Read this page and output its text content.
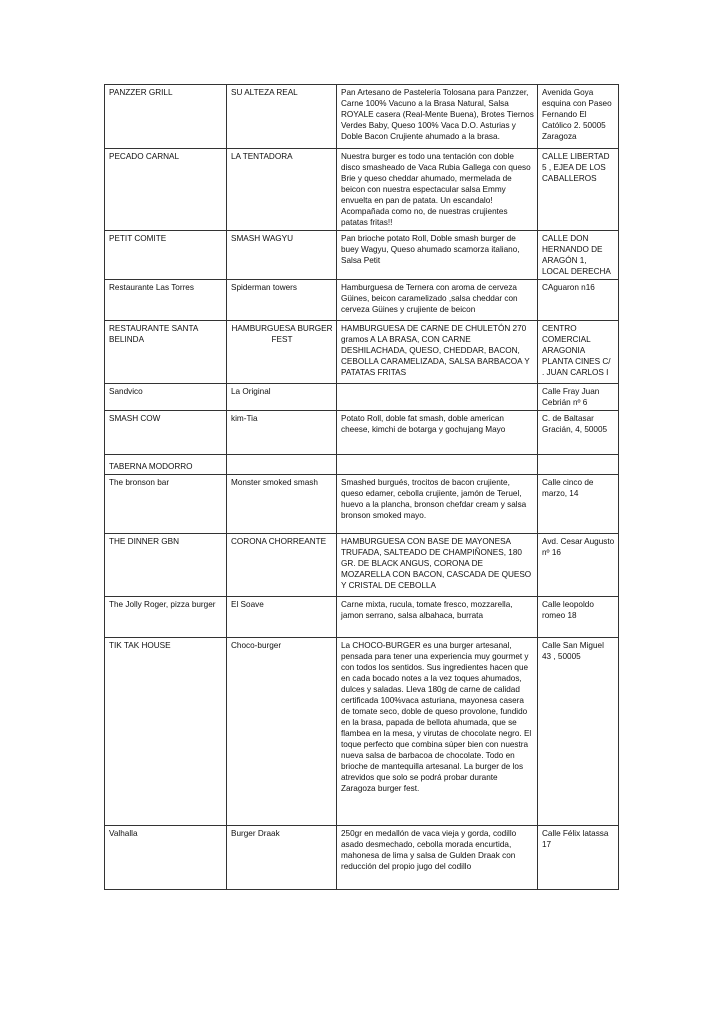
PANZZER GRILL	SU ALTEZA REAL	Pan Artesano de Pastelería Tolosana para Panzzer, Carne 100% Vacuno a la Brasa Natural, Salsa ROYALE casera (Real-Mente Buena), Brotes Tiernos Verdes Baby, Queso 100% Vaca D.O. Asturias y Doble Bacon Crujiente ahumado a la brasa.	Avenida Goya esquina con Paseo Fernando El Católico 2. 50005 Zaragoza
PECADO CARNAL	LA TENTADORA	Nuestra burger es todo una tentación con doble disco smasheado de Vaca Rubia Gallega con queso Brie y queso cheddar ahumado, mermelada de beicon con nuestra espectacular salsa Emmy envuelta en pan de patata. Un escandalo! Acompañada como no, de nuestras crujientes patatas fritas!!	CALLE LIBERTAD 5 , EJEA DE LOS CABALLEROS
PETIT COMITE	SMASH WAGYU	Pan brioche potato Roll, Doble smash burger de buey Wagyu, Queso ahumado scamorza italiano, Salsa Petit	CALLE DON HERNANDO DE ARAGÓN 1, LOCAL DERECHA
Restaurante Las Torres	Spiderman towers	Hamburguesa de Ternera con aroma de cerveza Güines, beicon caramelizado ,salsa cheddar con cerveza Güines y crujiente de beicon	CAguaron n16
RESTAURANTE SANTA BELINDA	HAMBURGUESA BURGER FEST	HAMBURGUESA DE CARNE DE CHULETÓN 270 gramos A LA BRASA, CON CARNE DESHILACHADA, QUESO, CHEDDAR, BACON, CEBOLLA CARAMELIZADA, SALSA BARBACOA Y PATATAS FRITAS	CENTRO COMERCIAL ARAGONIA PLANTA CINES C/ . JUAN CARLOS I
Sandvico	La Original		Calle Fray Juan Cebrián nº 6
SMASH COW	kim-Tia	Potato Roll, doble fat smash, doble american cheese, kimchi de botarga y gochujang Mayo	C. de Baltasar Gracián, 4, 50005
TABERNA MODORRO			
The bronson bar	Monster smoked smash	Smashed burgués, trocitos de bacon crujiente, queso edamer, cebolla crujiente, jamón de Teruel, huevo a la plancha, bronson chefdar cream y salsa bronson smoked mayo.	Calle cinco de marzo, 14
THE DINNER GBN	CORONA CHORREANTE	HAMBURGUESA CON BASE DE MAYONESA TRUFADA, SALTEADO DE CHAMPIÑONES, 180 GR. DE BLACK ANGUS, CORONA DE MOZARELLA CON BACON, CASCADA DE QUESO Y CRISTAL DE CEBOLLA	Avd. Cesar Augusto nº 16
The Jolly Roger, pizza burger	El Soave	Carne mixta, rucula, tomate fresco, mozzarella, jamon serrano, salsa albahaca, burrata	Calle leopoldo romeo 18
TIK TAK HOUSE	Choco-burger	La CHOCO-BURGER es una burger artesanal, pensada para tener una experiencia muy gourmet y con todos los sentidos. Sus ingredientes hacen que en cada bocado notes a la vez toques ahumados, dulces y saladas. Lleva 180g de carne de calidad certificada 100%vaca asturiana, mayonesa casera de tomate seco, doble de queso provolone, fundido en la brasa, papada de bellota ahumada, que se flambea en la mesa, y virutas de chocolate negro. El toque perfecto que combina súper bien con nuestra nueva salsa de barbacoa de chocolate. Todo en brioche de mantequilla artesanal. La burger de los atrevidos que solo se podrá probar durante Zaragoza burger fest.	Calle San Miguel 43 , 50005
Valhalla	Burger Draak	250gr en medallón de vaca vieja y gorda, codillo asado desmechado, cebolla morada encurtida, mahonesa de lima y salsa de Gulden Draak con reducción del propio jugo del codillo	Calle Félix latassa 17
